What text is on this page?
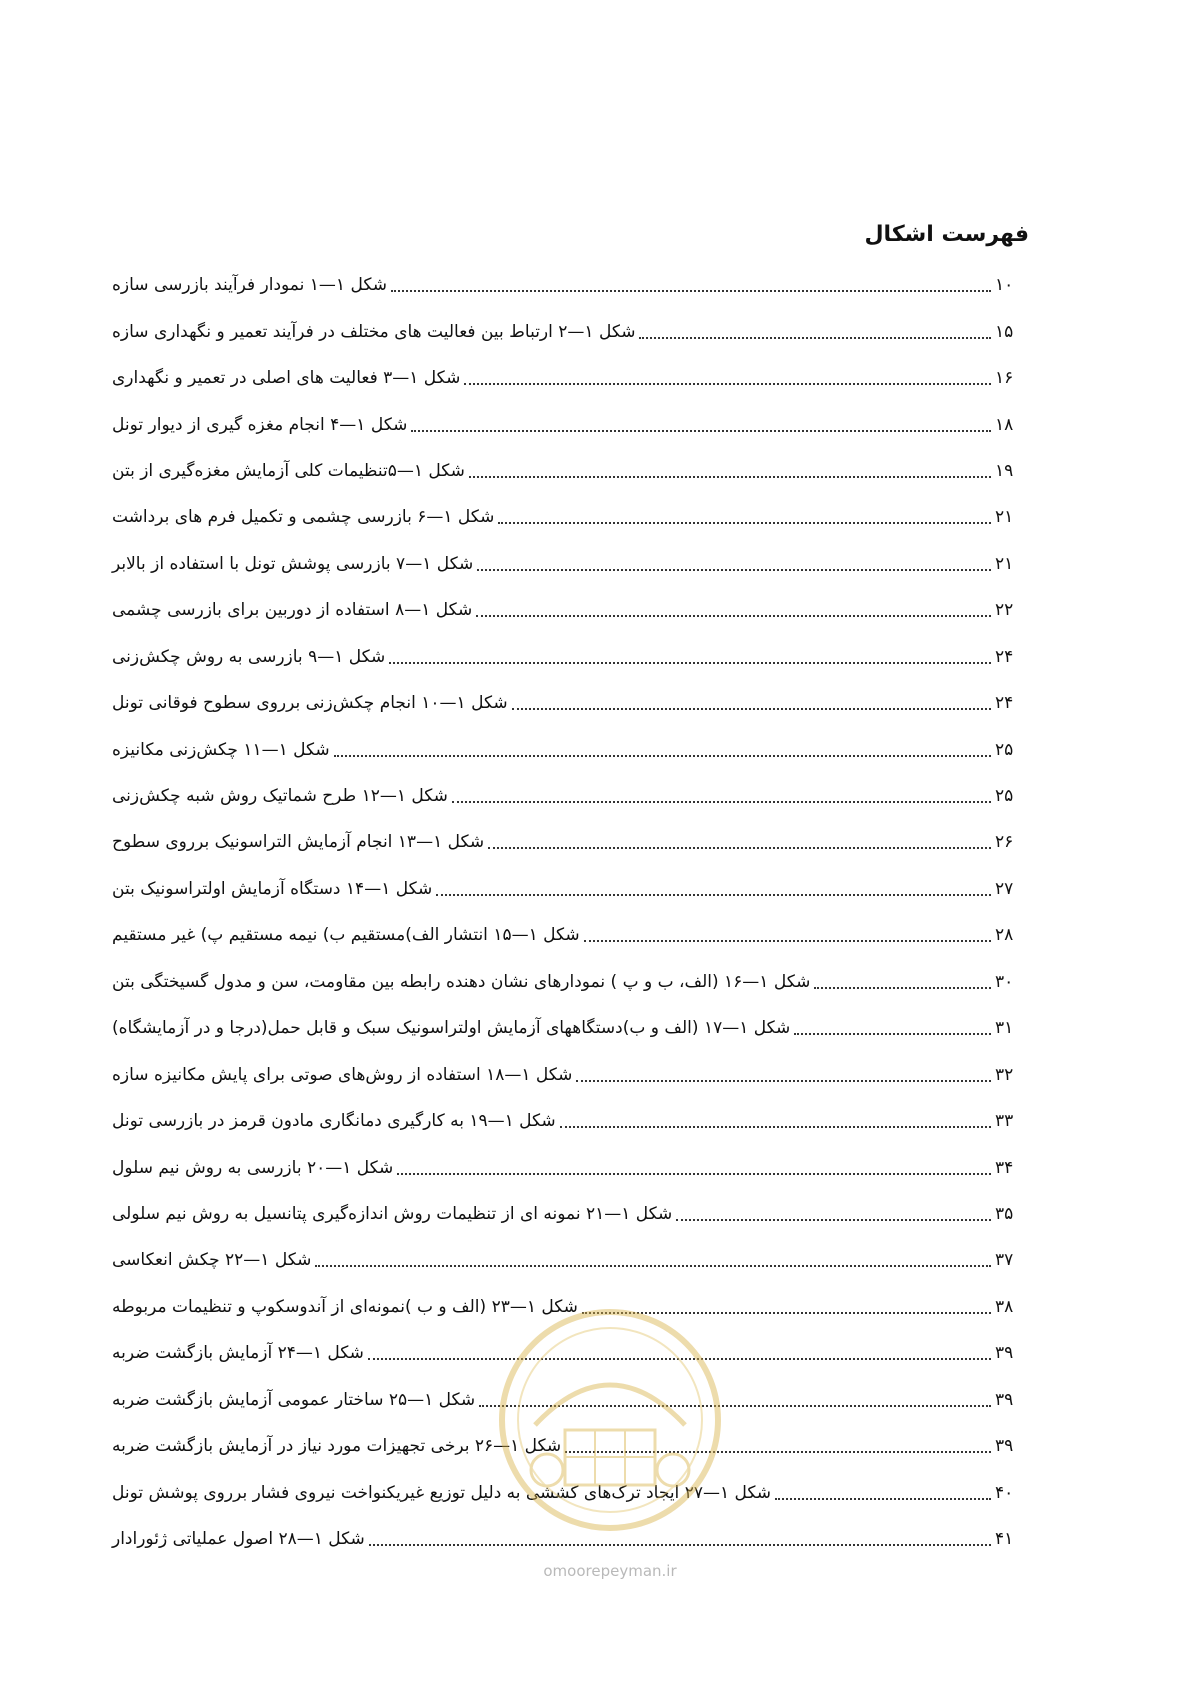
فهرست اشکال
شکل ۱—۱ نمودار فرآیند بازرسی سازه	۱۰
شکل ۱—۲ ارتباط بین فعالیت های مختلف در فرآیند تعمیر و نگهداری سازه	۱۵
شکل ۱—۳ فعالیت های اصلی در تعمیر و نگهداری	۱۶
شکل ۱—۴ انجام مغزه گیری از دیوار تونل	۱۸
شکل ۱—۵تنظیمات کلی آزمایش مغزه‌گیری از بتن	۱۹
شکل ۱—۶ بازرسی چشمی و تکمیل فرم های برداشت	۲۱
شکل ۱—۷ بازرسی پوشش تونل با استفاده از بالابر	۲۱
شکل ۱—۸ استفاده از دوربین برای بازرسی چشمی	۲۲
شکل ۱—۹ بازرسی به روش چکش‌زنی	۲۴
شکل ۱—۱۰ انجام چکش‌زنی برروی سطوح فوقانی تونل	۲۴
شکل ۱—۱۱ چکش‌زنی مکانیزه	۲۵
شکل ۱—۱۲ طرح شماتیک روش شبه چکش‌زنی	۲۵
شکل ۱—۱۳ انجام آزمایش التراسونیک برروی سطوح	۲۶
شکل ۱—۱۴ دستگاه آزمایش اولتراسونیک بتن	۲۷
شکل ۱—۱۵ انتشار الف)مستقیم ب) نیمه مستقیم پ) غیر مستقیم	۲۸
شکل ۱—۱۶ (الف، ب و پ ) نمودارهای نشان دهنده رابطه بین مقاومت، سن و مدول گسیختگی بتن	۳۰
شکل ۱—۱۷ (الف و ب)دستگاههای آزمایش اولتراسونیک سبک و قابل حمل(درجا و در آزمایشگاه)	۳۱
شکل ۱—۱۸ استفاده از روش‌های صوتی برای پایش مکانیزه سازه	۳۲
شکل ۱—۱۹ به کارگیری دمانگاری مادون قرمز در بازرسی تونل	۳۳
شکل ۱—۲۰ بازرسی به روش نیم سلول	۳۴
شکل ۱—۲۱ نمونه ای از تنظیمات روش اندازه‌گیری پتانسیل به روش نیم سلولی	۳۵
شکل ۱—۲۲ چکش انعکاسی	۳۷
شکل ۱—۲۳ (الف و ب )نمونه‌ای از آندوسکوپ و تنظیمات مربوطه	۳۸
شکل ۱—۲۴ آزمایش بازگشت ضربه	۳۹
شکل ۱—۲۵ ساختار عمومی آزمایش بازگشت ضربه	۳۹
شکل ۱—۲۶ برخی تجهیزات مورد نیاز در آزمایش بازگشت ضربه	۳۹
شکل ۱—۲۷ ایجاد ترک‌های کششی به دلیل توزیع غیریکنواخت نیروی فشار برروی پوشش تونل	۴۰
شکل ۱—۲۸ اصول عملیاتی ژئورادار	۴۱
omoorepeyman.ir
